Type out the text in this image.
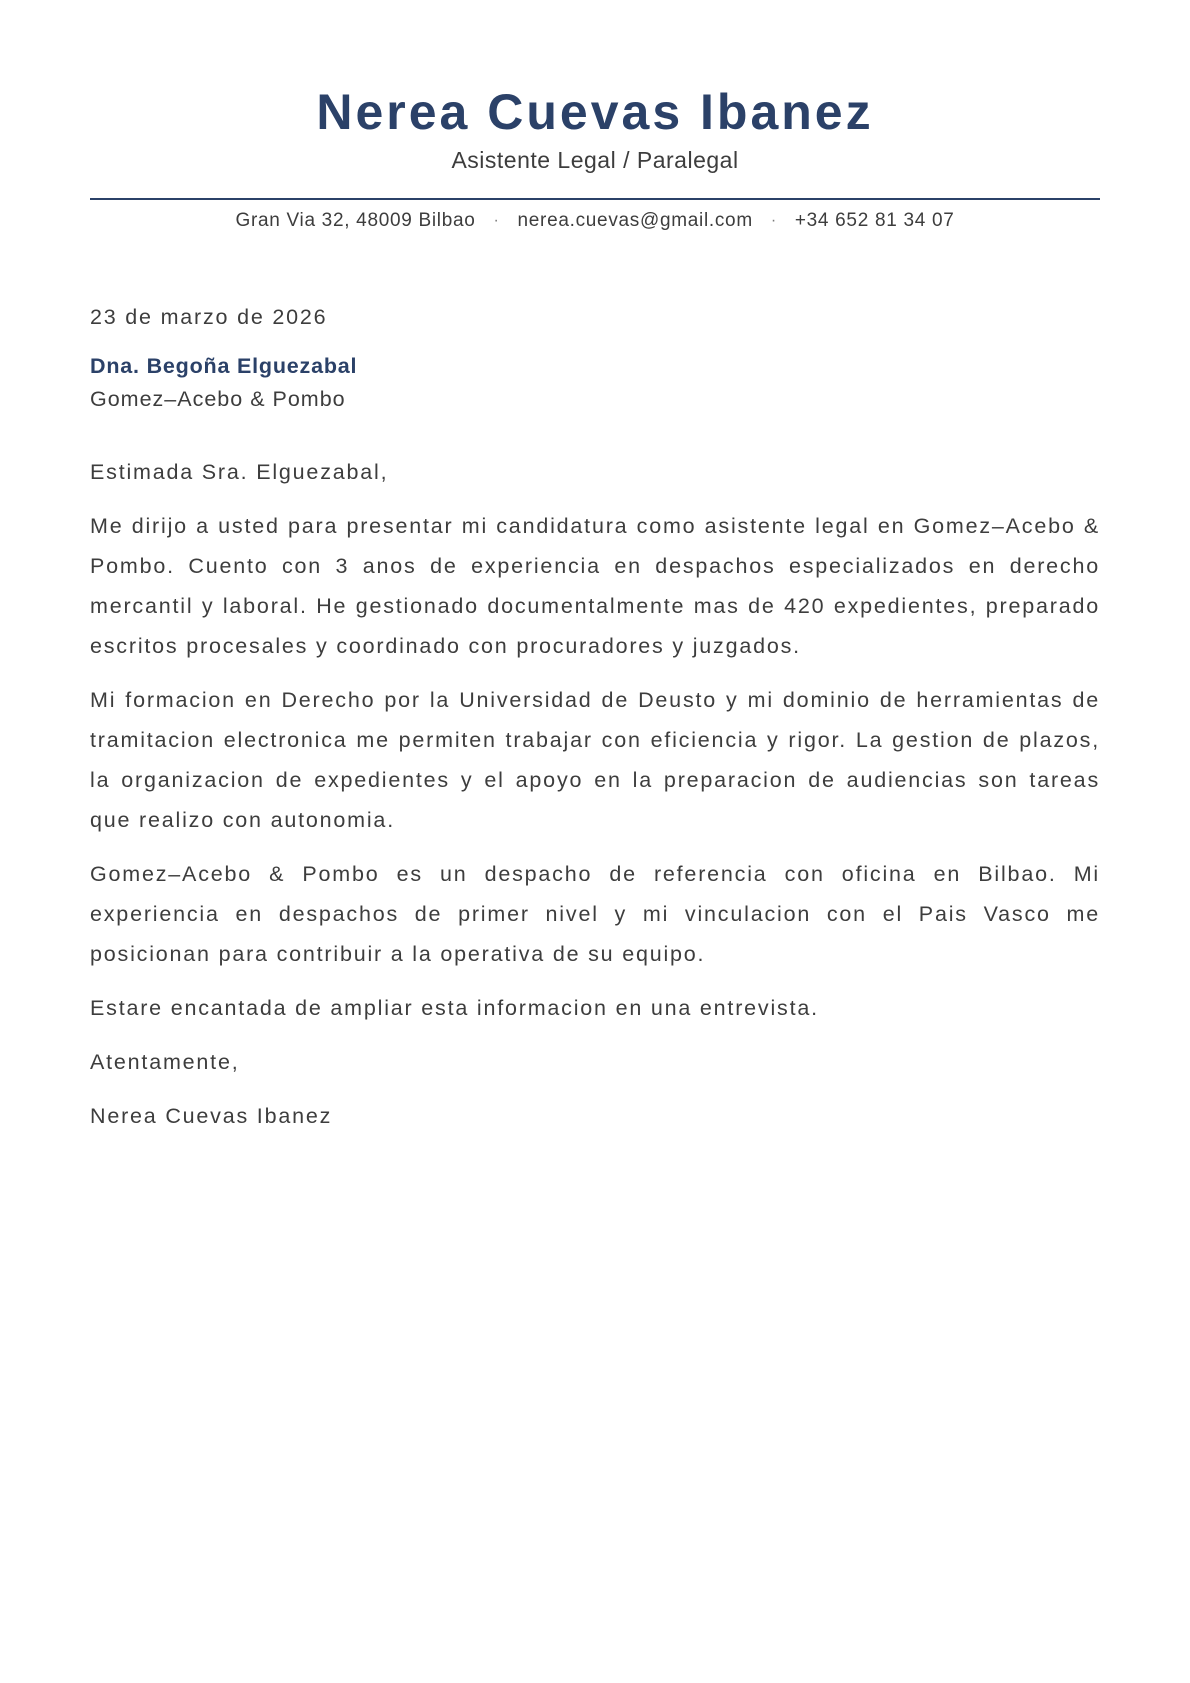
Nerea Cuevas Ibanez
Asistente Legal / Paralegal
Gran Via 32, 48009 Bilbao · nerea.cuevas@gmail.com · +34 652 81 34 07

23 de marzo de 2026

Dna. Begoña Elguezabal

Gomez–Acebo & Pombo

Estimada Sra. Elguezabal,

Me dirijo a usted para presentar mi candidatura como asistente legal en Gomez–Acebo & Pombo. Cuento con 3 anos de experiencia en despachos especializados en derecho mercantil y laboral. He gestionado documentalmente mas de 420 expedientes, preparado escritos procesales y coordinado con procuradores y juzgados.

Mi formacion en Derecho por la Universidad de Deusto y mi dominio de herramientas de tramitacion electronica me permiten trabajar con eficiencia y rigor. La gestion de plazos, la organizacion de expedientes y el apoyo en la preparacion de audiencias son tareas que realizo con autonomia.

Gomez–Acebo & Pombo es un despacho de referencia con oficina en Bilbao. Mi experiencia en despachos de primer nivel y mi vinculacion con el Pais Vasco me posicionan para contribuir a la operativa de su equipo.

Estare encantada de ampliar esta informacion en una entrevista.

Atentamente,

Nerea Cuevas Ibanez
